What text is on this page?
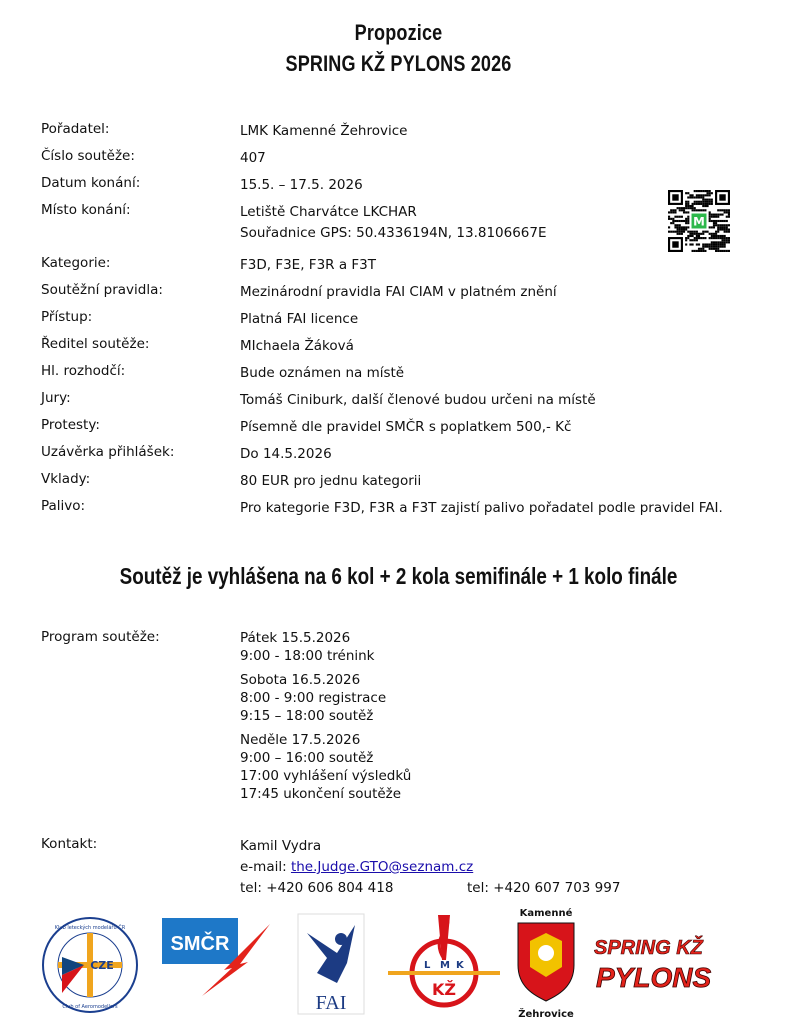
Propozice
SPRING KŽ PYLONS 2026
Pořadatel:	LMK Kamenné Žehrovice
Číslo soutěže:	407
Datum konání:	15.5. – 17.5. 2026
Místo konání:	Letiště Charvátce LKCHAR
Souřadnice GPS: 50.4336194N, 13.8106667E
Kategorie:	F3D, F3E, F3R a F3T
Soutěžní pravidla:	Mezinárodní pravidla FAI CIAM v platném znění
Přístup:	Platná FAI licence
Ředitel soutěže:	MIchaela Žáková
Hl. rozhodčí:	Bude oznámen na místě
Jury:	Tomáš Ciniburk, další členové budou určeni na místě
Protesty:	Písemně dle pravidel SMČR s poplatkem 500,- Kč
Uzávěrka přihlášek:	Do 14.5.2026
Vklady:	80 EUR pro jednu kategorii
Palivo:	Pro kategorie F3D, F3R a F3T zajistí palivo pořadatel podle pravidel FAI.
M
Soutěž je vyhlášena na 6 kol + 2 kola semifinále + 1 kolo finále
Program soutěže:	Pátek 15.5.2026
9:00 - 18:00 trénink
Sobota 16.5.2026
8:00 - 9:00 registrace
9:15 – 18:00 soutěž
Neděle 17.5.2026
9:00 – 16:00 soutěž
17:00 vyhlášení výsledků
17:45 ukončení soutěže
Kontakt:	Kamil Vydra
e-mail: the.Judge.GTO@seznam.cz
tel: +420 606 804 418	tel: +420 607 703 997
CZE
Klub leteckých modelářů ČR
Club of Aeromodellers
SMČR
FAI
L M K
KŽ
Kamenné
Žehrovice
SPRING KŽ
PYLONS
